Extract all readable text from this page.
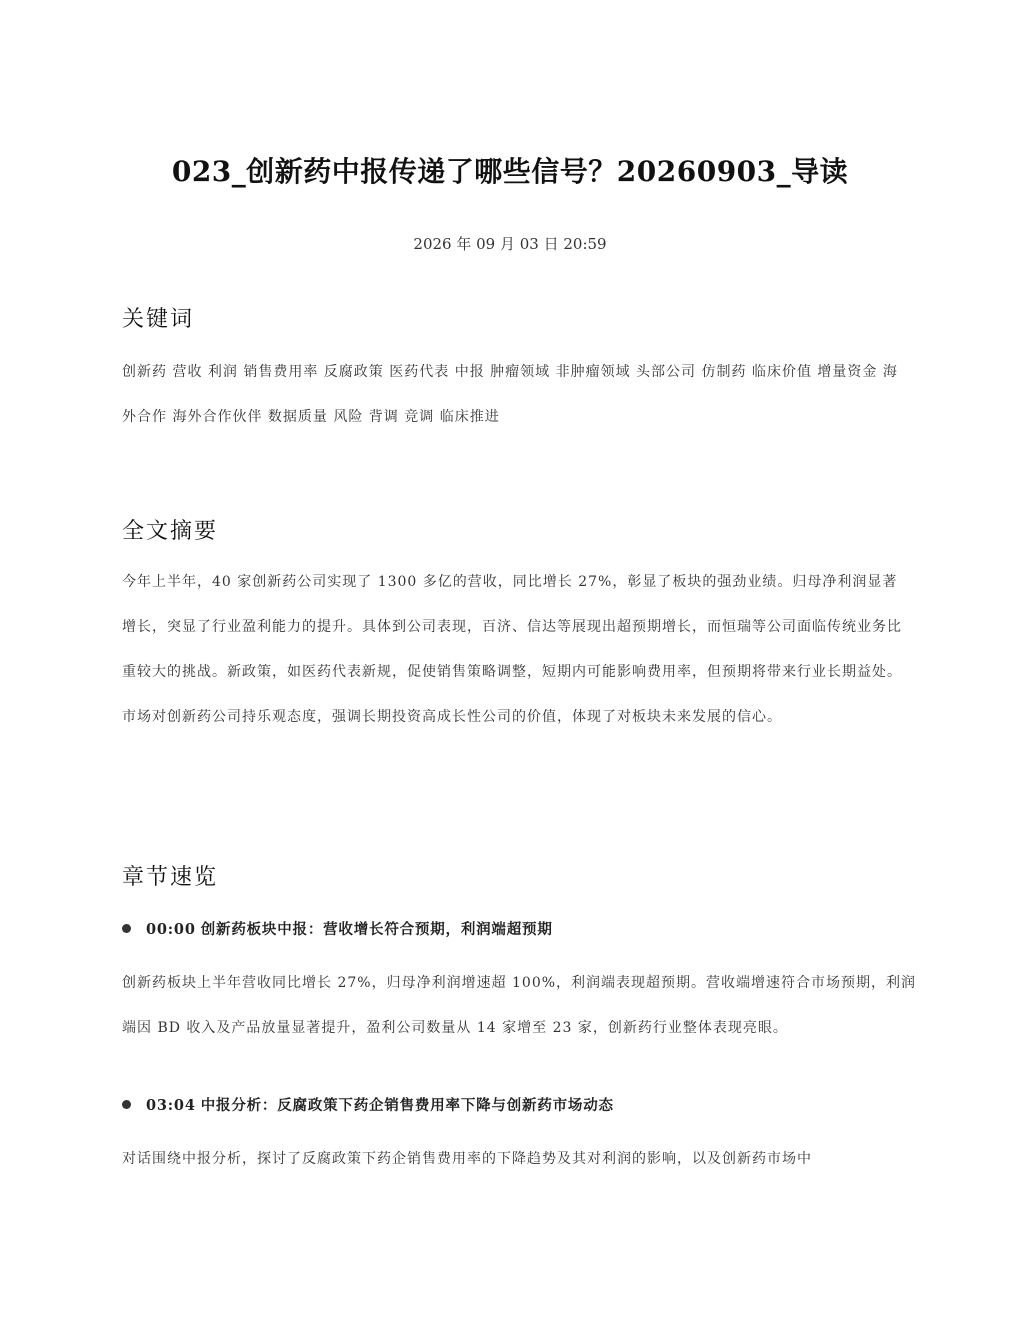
023_创新药中报传递了哪些信号？20260903_导读
2026 年 09 月 03 日 20:59
关键词
创新药 营收 利润 销售费用率 反腐政策 医药代表 中报 肿瘤领域 非肿瘤领域 头部公司 仿制药 临床价值 增量资金 海外合作 海外合作伙伴 数据质量 风险 背调 竞调 临床推进
全文摘要
今年上半年，40 家创新药公司实现了 1300 多亿的营收，同比增长 27%，彰显了板块的强劲业绩。归母净利润显著增长，突显了行业盈利能力的提升。具体到公司表现，百济、信达等展现出超预期增长，而恒瑞等公司面临传统业务比重较大的挑战。新政策，如医药代表新规，促使销售策略调整，短期内可能影响费用率，但预期将带来行业长期益处。市场对创新药公司持乐观态度，强调长期投资高成长性公司的价值，体现了对板块未来发展的信心。
章节速览
00:00 创新药板块中报：营收增长符合预期，利润端超预期
创新药板块上半年营收同比增长 27%，归母净利润增速超 100%，利润端表现超预期。营收端增速符合市场预期，利润端因 BD 收入及产品放量显著提升，盈利公司数量从 14 家增至 23 家，创新药行业整体表现亮眼。
03:04 中报分析：反腐政策下药企销售费用率下降与创新药市场动态
对话围绕中报分析，探讨了反腐政策下药企销售费用率的下降趋势及其对利润的影响，以及创新药市场中
